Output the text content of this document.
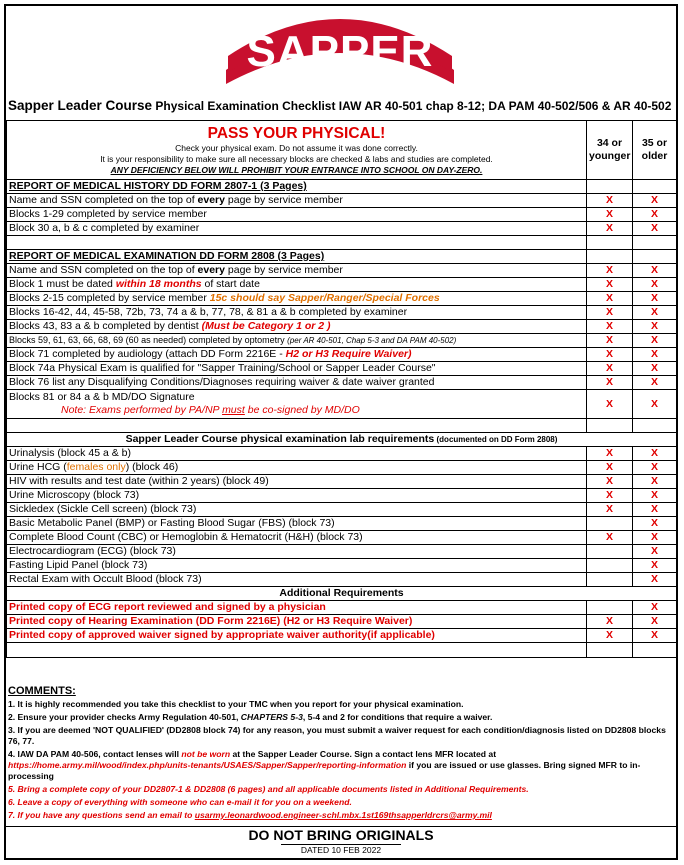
SAPPER
Sapper Leader Course Physical Examination Checklist IAW AR 40-501 chap 8-12; DA PAM 40-502/506 & AR 40-502
PASS YOUR PHYSICAL!
Check your physical exam. Do not assume it was done correctly.
It is your responsibility to make sure all necessary blocks are checked & labs and studies are completed.
ANY DEFICIENCY BELOW WILL PROHIBIT YOUR ENTRANCE INTO SCHOOL ON DAY-ZERO.	34 or
younger	35 or
older
REPORT OF MEDICAL HISTORY DD FORM 2807-1 (3 Pages)		
Name and SSN completed on the top of every page by service member	X	X
Blocks 1-29 completed by service member	X	X
Block 30 a, b & c completed by examiner	X	X

REPORT OF MEDICAL EXAMINATION DD FORM 2808 (3 Pages)		
Name and SSN completed on the top of every page by service member	X	X
Block 1 must be dated within 18 months of start date	X	X
Blocks 2-15 completed by service member 15c should say Sapper/Ranger/Special Forces	X	X
Blocks 16-42, 44, 45-58, 72b, 73, 74 a & b, 77, 78, & 81 a & b completed by examiner	X	X
Blocks 43, 83 a & b completed by dentist (Must be Category 1 or 2 )	X	X
Blocks 59, 61, 63, 66, 68, 69 (60 as needed) completed by optometry (per AR 40-501, Chap 5-3 and DA PAM 40-502)	X	X
Block 71 completed by audiology (attach DD Form 2216E - H2 or H3 Require Waiver)	X	X
Block 74a Physical Exam is qualified for "Sapper Training/School or Sapper Leader Course"	X	X
Block 76 list any Disqualifying Conditions/Diagnoses requiring waiver & date waiver granted	X	X
Blocks 81 or 84 a & b MD/DO Signature
Note: Exams performed by PA/NP must be co-signed by MD/DO	X	X

Sapper Leader Course physical examination lab requirements (documented on DD Form 2808)		
Urinalysis (block 45 a & b)	X	X
Urine HCG (females only) (block 46)	X	X
HIV with results and test date (within 2 years) (block 49)	X	X
Urine Microscopy (block 73)	X	X
Sickledex (Sickle Cell screen) (block 73)	X	X
Basic Metabolic Panel (BMP) or Fasting Blood Sugar (FBS) (block 73)		X
Complete Blood Count (CBC) or Hemoglobin & Hematocrit (H&H) (block 73)	X	X
Electrocardiogram (ECG) (block 73)		X
Fasting Lipid Panel (block 73)		X
Rectal Exam with Occult Blood (block 73)		X
Additional Requirements		
Printed copy of ECG report reviewed and signed by a physician		X
Printed copy of Hearing Examination (DD Form 2216E) (H2 or H3 Require Waiver)	X	X
Printed copy of approved waiver signed by appropriate waiver authority(if applicable)	X	X

COMMENTS:

1. It is highly recommended you take this checklist to your TMC when you report for your physical examination.

2. Ensure your provider checks Army Regulation 40-501, CHAPTERS 5-3, 5-4 and 2 for conditions that require a waiver.

3. If you are deemed 'NOT QUALIFIED' (DD2808 block 74) for any reason, you must submit a waiver request for each condition/diagnosis listed on DD2808 blocks 76, 77.

4. IAW DA PAM 40-506, contact lenses will not be worn at the Sapper Leader Course. Sign a contact lens MFR located at https://home.army.mil/wood/index.php/units-tenants/USAES/Sapper/Sapper/reporting-information if you are issued or use glasses. Bring signed MFR to in-processing

5. Bring a complete copy of your DD2807-1 & DD2808 (6 pages) and all applicable documents listed in Additional Requirements.

6. Leave a copy of everything with someone who can e-mail it for you on a weekend.

7. If you have any questions send an email to usarmy.leonardwood.engineer-schl.mbx.1st169thsapperldrcrs@army.mil

DO NOT BRING ORIGINALS
DATED 10 FEB 2022
